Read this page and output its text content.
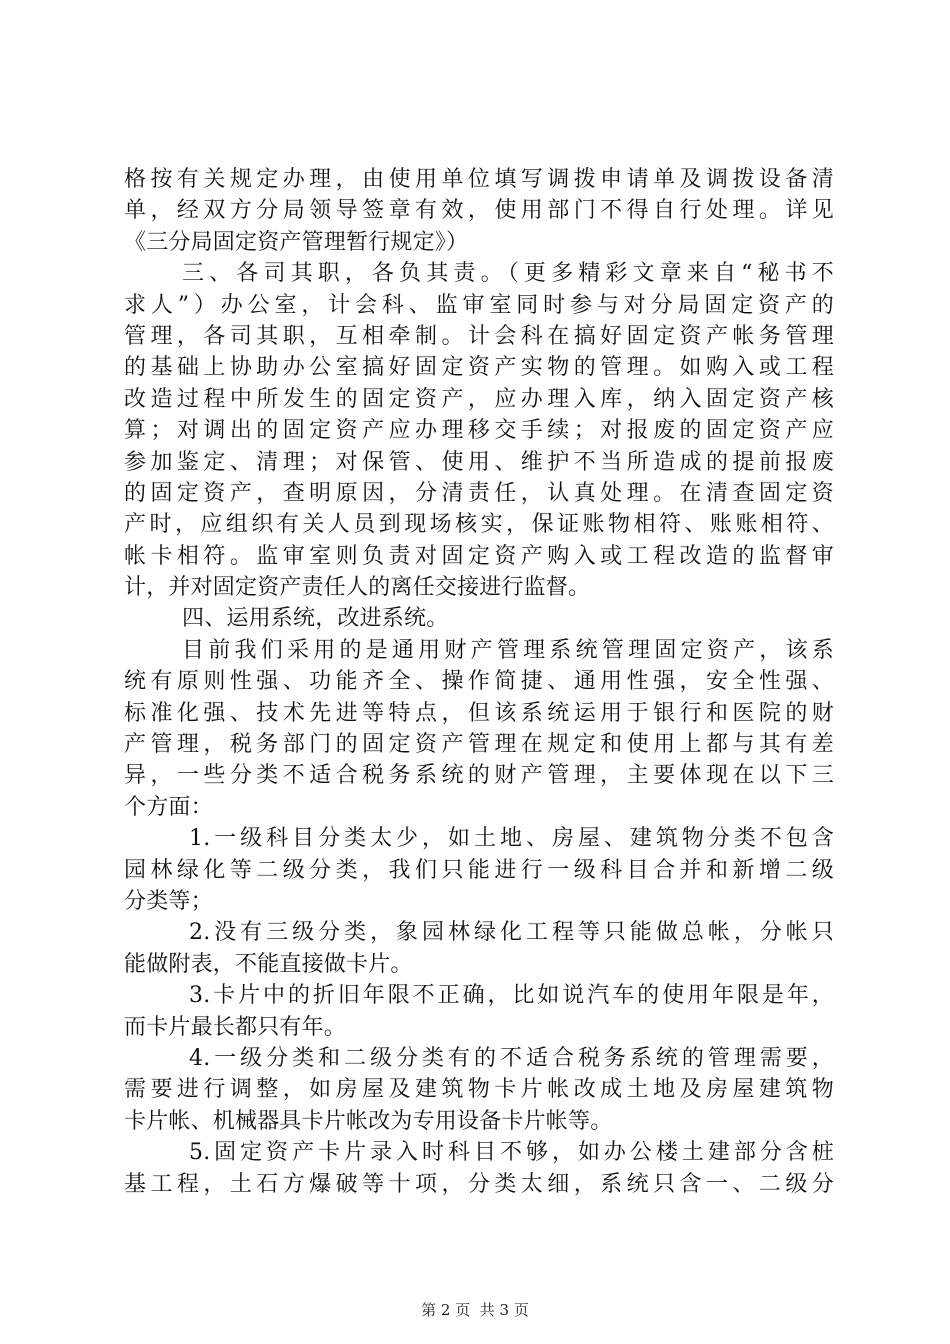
格按有关规定办理，由使用单位填写调拨申请单及调拨设备清
单，经双方分局领导签章有效，使用部门不得自行处理。详见
《三分局固定资产管理暂行规定》）
三、各司其职，各负其责。（更多精彩文章来自“秘书不
求人”）办公室，计会科、监审室同时参与对分局固定资产的
管理，各司其职，互相牵制。计会科在搞好固定资产帐务管理
的基础上协助办公室搞好固定资产实物的管理。如购入或工程
改造过程中所发生的固定资产，应办理入库，纳入固定资产核
算；对调出的固定资产应办理移交手续；对报废的固定资产应
参加鉴定、清理；对保管、使用、维护不当所造成的提前报废
的固定资产，查明原因，分清责任，认真处理。在清查固定资
产时，应组织有关人员到现场核实，保证账物相符、账账相符、
帐卡相符。监审室则负责对固定资产购入或工程改造的监督审
计，并对固定资产责任人的离任交接进行监督。
四、运用系统，改进系统。
目前我们采用的是通用财产管理系统管理固定资产，该系
统有原则性强、功能齐全、操作简捷、通用性强，安全性强、
标准化强、技术先进等特点，但该系统运用于银行和医院的财
产管理，税务部门的固定资产管理在规定和使用上都与其有差
异，一些分类不适合税务系统的财产管理，主要体现在以下三
个方面：
1.一级科目分类太少，如土地、房屋、建筑物分类不包含
园林绿化等二级分类，我们只能进行一级科目合并和新增二级
分类等；
2.没有三级分类，象园林绿化工程等只能做总帐，分帐只
能做附表，不能直接做卡片。
3.卡片中的折旧年限不正确，比如说汽车的使用年限是年，
而卡片最长都只有年。
4.一级分类和二级分类有的不适合税务系统的管理需要，
需要进行调整，如房屋及建筑物卡片帐改成土地及房屋建筑物
卡片帐、机械器具卡片帐改为专用设备卡片帐等。
5.固定资产卡片录入时科目不够，如办公楼土建部分含桩
基工程，土石方爆破等十项，分类太细，系统只含一、二级分
第 2 页  共 3 页
